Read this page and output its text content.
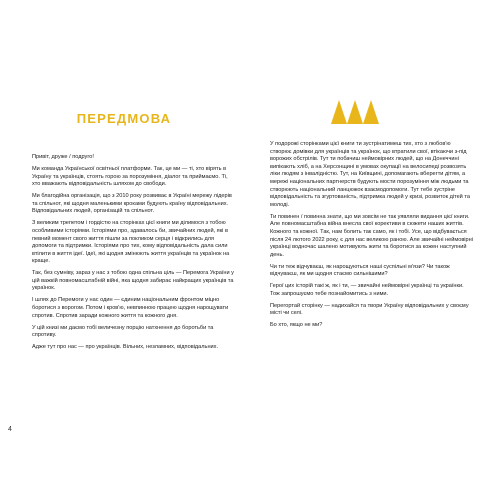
ПЕРЕДМОВА

Привіт, друже / подруго!

Ми команда Української освітньої платформи. Так, це ми — ті, хто вірять в Україну та українців, стоять горою за порозуміння, діалог та приймаємо. Ті, хто вважають відповідальність шляхом до свободи.

Ми благодійна організація, що з 2010 року розвиває в Україні мережу лідерів та спільнот, які щодня маленькими кроками будують країну відповідальних. Відповідальних людей, організацій та спільнот.

З великим трепетом і гордістю на сторінках цієї книги ми ділимося з тобою особливими історіями. Історіями про, здавалось би, звичайних людей, які в певний момент свого життя пішли за покликом серця і відкрились для допомоги та підтримки. Історіями про тих, кому відповідальність дала сили втілити в життя ідеї. Ідеї, які щодня змінюють життя українців та українок на краще.

Так, без сумніву, зараз у нас з тобою одна спільна ціль — Перемога України у цій важкій повномасштабній війні, яка щодня забирає найкращих українців та українок.

І шлях до Перемоги у нас один — єдиним національним фронтом міцно боротися з ворогом. Потом і кров'ю, невпинною працею щодня нарощувати спротив. Спротив заради кожного життя та кожного дня.

У цій книзі ми даємо тобі величезну порцію натхнення до боротьби та спротиву.

Адже тут про нас — про українців. Вільних, незламних, відповідальних.

У подорожі сторінками цієї книги ти зустрінатимеш тих, хто з любов'ю створює домівки для українців та українок, що втратили свої, втікаючи з-під ворожих обстрілів. Тут ти побачиш неймовірних людей, що на Донеччині випікають хліб, а на Херсонщині в умовах окупації на велосипеді розвозять ліки людям з інвалідністю. Тут, на Київщині, допомагають вберегти дітям, а мережі національних партнерств будують мости порозуміння між людьми та створюють національний ланцюжок взаємодопомоги. Тут тебе зустріне відповідальність та згуртованість, підтримка людей у кризі, розвиток дітей та молоді.

Ти повинен / повинна знати, що ми зовсім не так уявляли видання цієї книги. Але повномасштабна війна внесла свої корективи в сюжети наших життів. Кожного та кожної. Так, нам болить так само, як і тобі. Усе, що відбувається після 24 лютого 2022 року, є для нас великою раною. Але звичайні неймовірні українці водночас шалено мотивують жити та боротися за кожен наступний день.

Чи ти теж відчуваєш, як нарощуються наші суспільні м'язи? Чи також відчуваєш, як ми щодня стаємо сильнішими?

Герої цих історій такі ж, як і ти, — звичайні неймовірні українці та українки. Тож запрошуємо тебе познайомитись з ними.

Перегортай сторінку — надихайся та твори Україну відповідальних у своєму місті чи селі.

Бо хто, якщо не ми?

4
